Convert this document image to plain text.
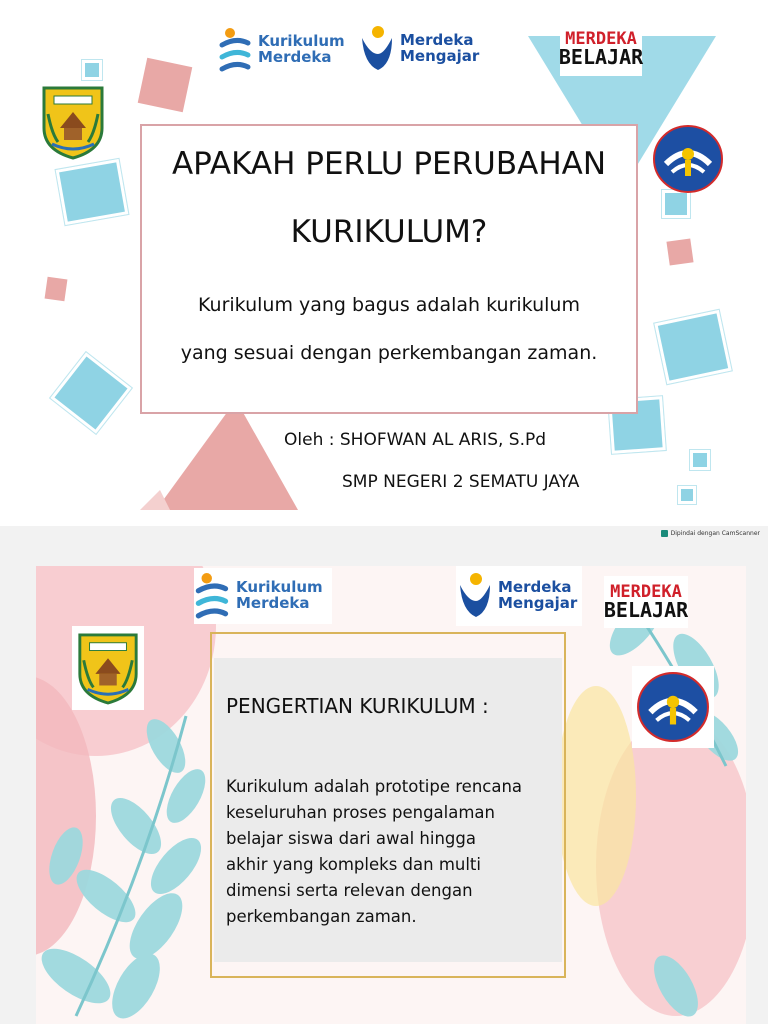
Kurikulum
Merdeka
Merdeka
Mengajar
MERDEKA
BELAJAR
APAKAH PERLU PERUBAHAN
KURIKULUM?
Kurikulum yang bagus adalah kurikulum
yang sesuai dengan perkembangan zaman.
Oleh : SHOFWAN AL ARIS, S.Pd
SMP NEGERI 2 SEMATU JAYA
Dipindai dengan CamScanner
Kurikulum
Merdeka
Merdeka
Mengajar
MERDEKA
BELAJAR
PENGERTIAN KURIKULUM :
Kurikulum adalah prototipe rencana
keseluruhan proses pengalaman
belajar siswa dari awal hingga
akhir yang kompleks dan multi
dimensi serta relevan dengan
perkembangan zaman.
